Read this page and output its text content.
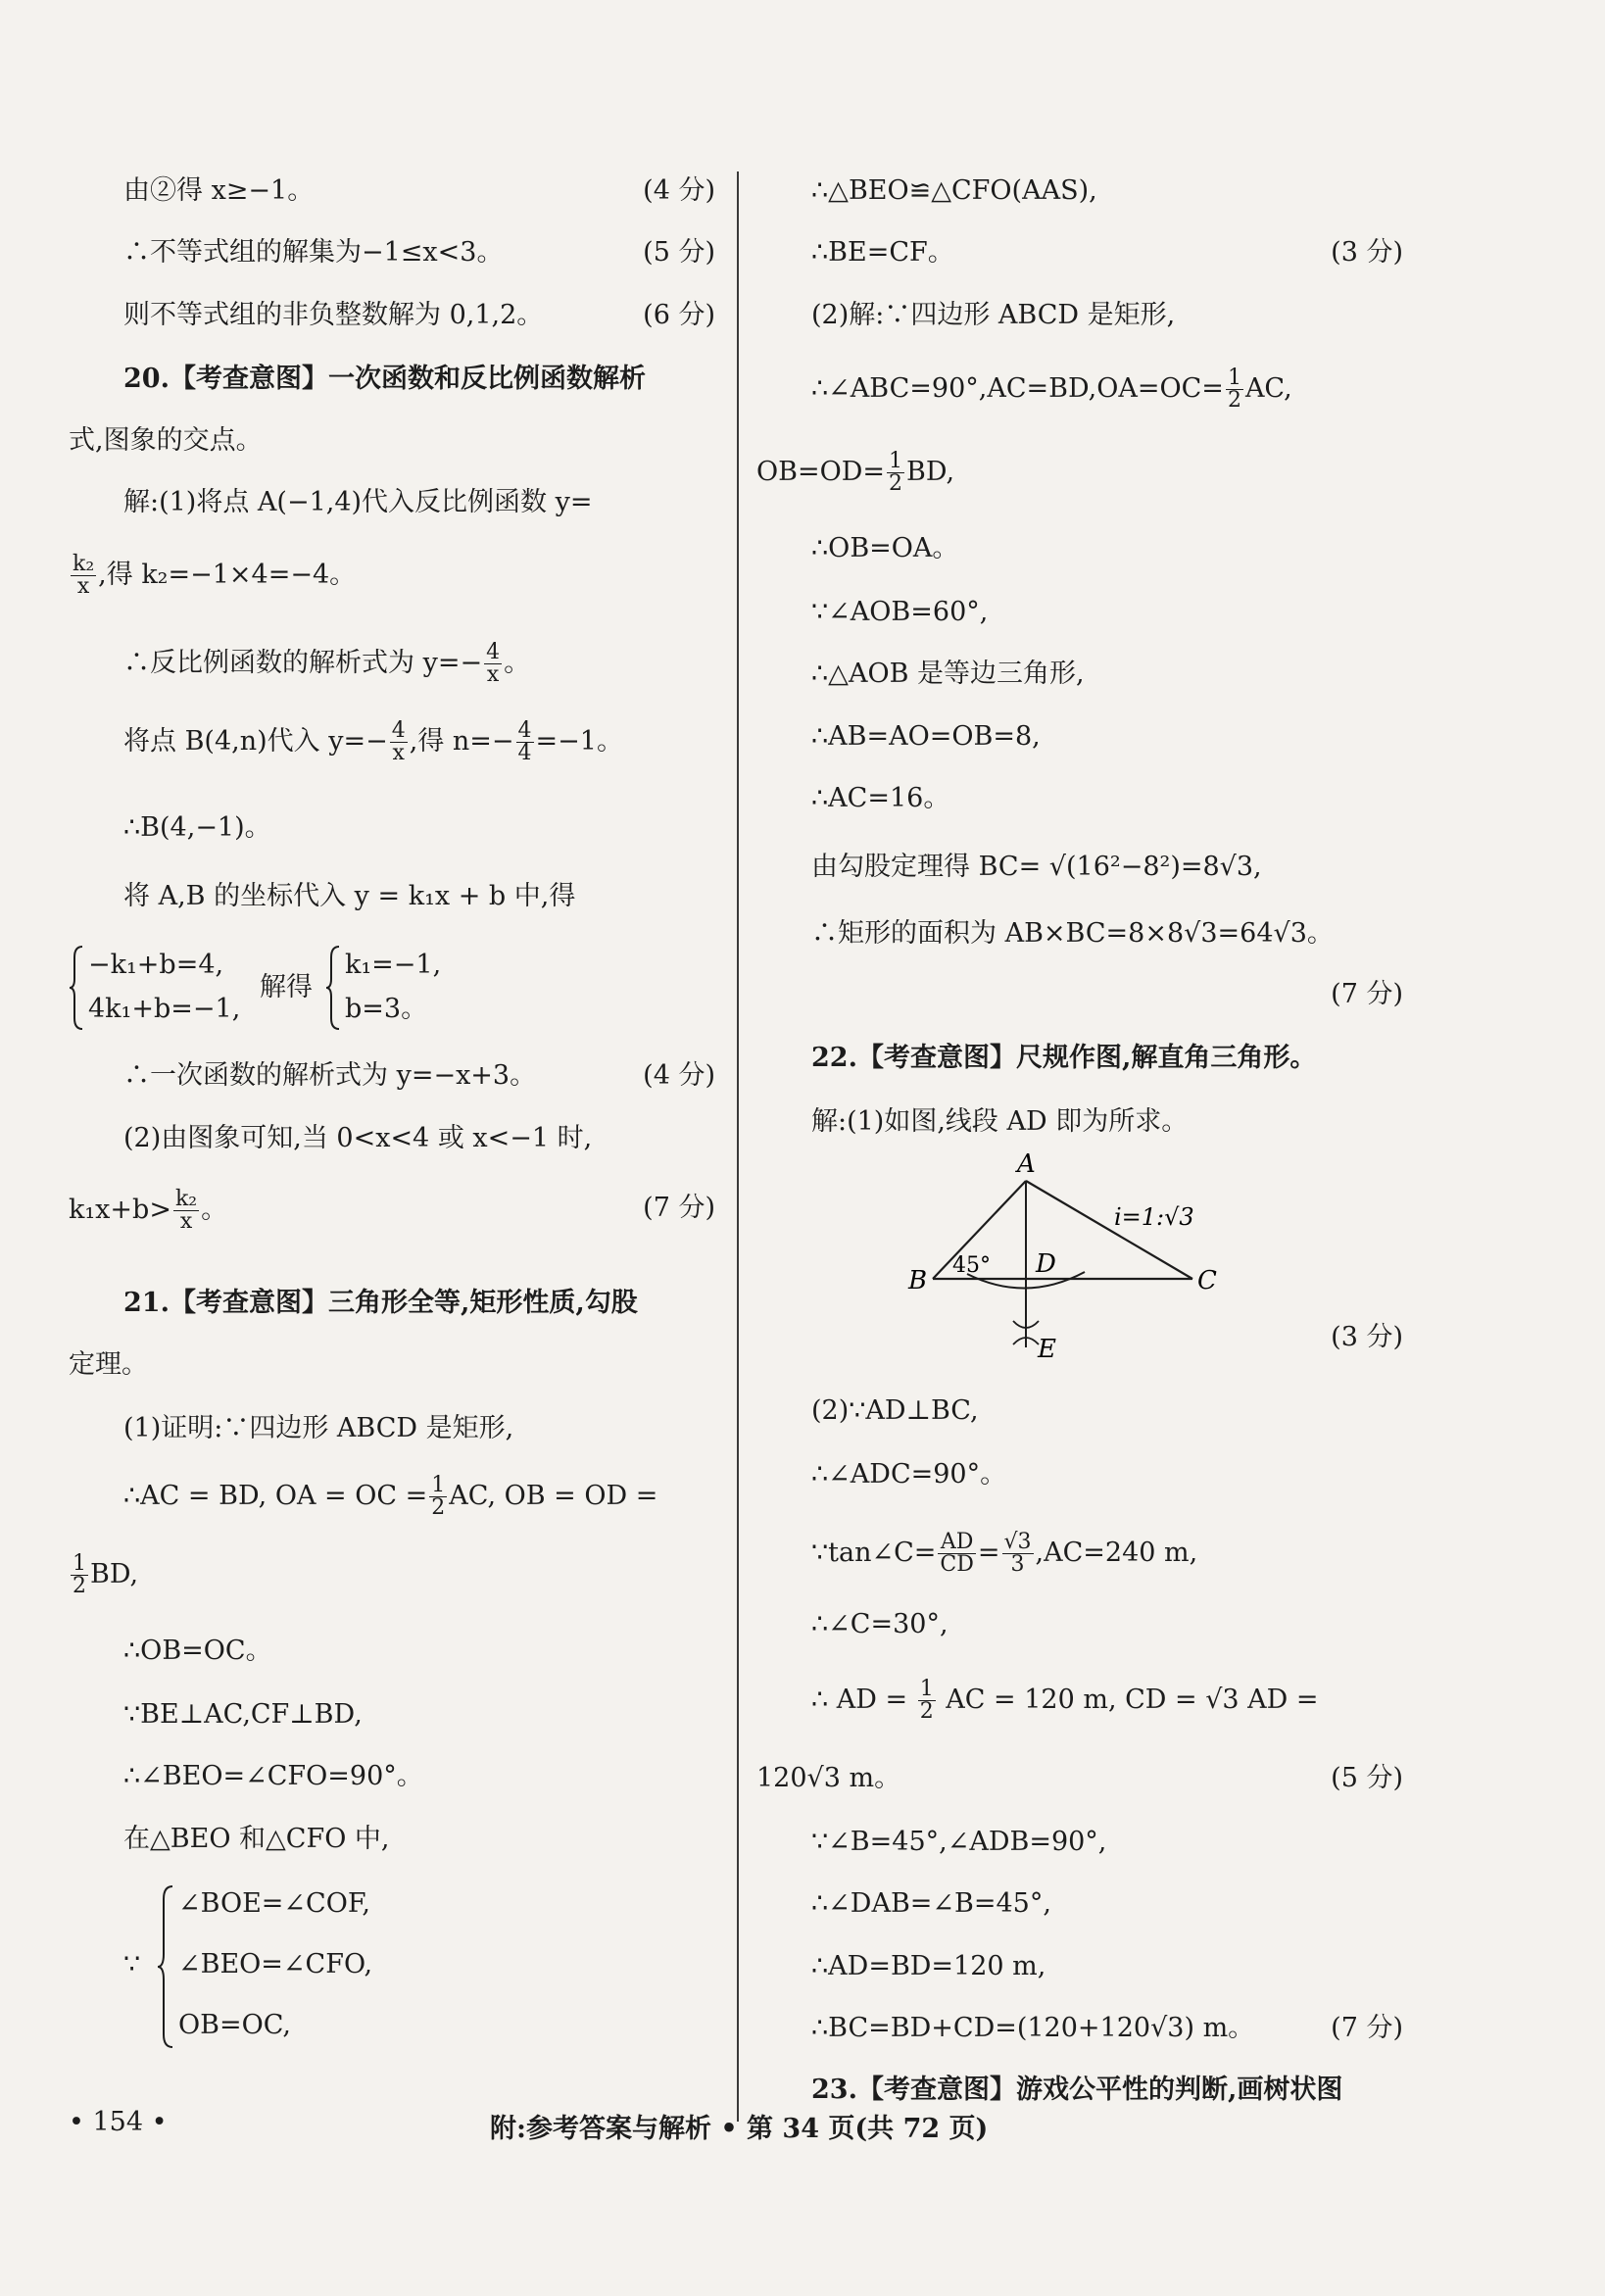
由②得 x≥−1。	(4 分)
∴不等式组的解集为−1≤x<3。	(5 分)
则不等式组的非负整数解为 0,1,2。	(6 分)
20.【考查意图】一次函数和反比例函数解析
式,图象的交点。
解:(1)将点 A(−1,4)代入反比例函数 y=
$\frac{\text{k₂}}{x}$ ,得 k₂=−1×4=−4。
∴反比例函数的解析式为 $y=- \frac{4}{x}$ 。
将点 B(4,n)代入 $y=- \frac{4}{x}$ ,得 $n=- \frac{4}{4} =-1$。
∴B(4,−1)。
将 A,B 的坐标代入 y = k₁x + b 中,得
−k₁+b=4,
4k₁+b=−1,
解得
k₁=−1,
b=3。
∴一次函数的解析式为 y=−x+3。	(4 分)
(2)由图象可知,当 0<x<4 或 x<−1 时,
$k_1x+b> \frac{\text{k₂}}{x}$ 。	(7 分)
21.【考查意图】三角形全等,矩形性质,勾股
定理。
(1)证明:∵四边形 ABCD 是矩形,
∴AC = BD, OA = OC = $\frac{1}{2}$ AC, OB = OD =
$\frac{1}{2}$ BD,
∴OB=OC。
∵BE⊥AC,CF⊥BD,
∴∠BEO=∠CFO=90°。
在△BEO 和△CFO 中,
∵
∠BOE=∠COF,
∠BEO=∠CFO,
OB=OC,
∴△BEO≌△CFO(AAS),
∴BE=CF。	(3 分)
(2)解:∵四边形 ABCD 是矩形,
∴∠ABC=90°,AC=BD,OA=OC= $\frac{1}{2}$ AC,
$OB=OD= \frac{1}{2}$ BD,
∴OB=OA。
∵∠AOB=60°,
∴△AOB 是等边三角形,
∴AB=AO=OB=8,
∴AC=16。
由勾股定理得 BC= √(16²−8²)=8√3,
∴矩形的面积为 AB×BC=8×8√3=64√3。
(7 分)
22.【考查意图】尺规作图,解直角三角形。
解:(1)如图,线段 AD 即为所求。
A
B	C
D
E
45°
i=1:√3
(3 分)
(2)∵AD⊥BC,
∴∠ADC=90°。
∵tan∠C= $\frac{AD}{CD} = \frac{√3}{3} ,AC=240$ m,
∴∠C=30°,
∴ AD = $\frac{1}{2}$ AC = 120 m, CD = √3 AD =
120√3 m。	(5 分)
∵∠B=45°,∠ADB=90°,
∴∠DAB=∠B=45°,
∴AD=BD=120 m,
∴BC=BD+CD=(120+120√3) m。	(7 分)
23.【考查意图】游戏公平性的判断,画树状图
• 154 •	附:参考答案与解析 • 第 34 页(共 72 页)
